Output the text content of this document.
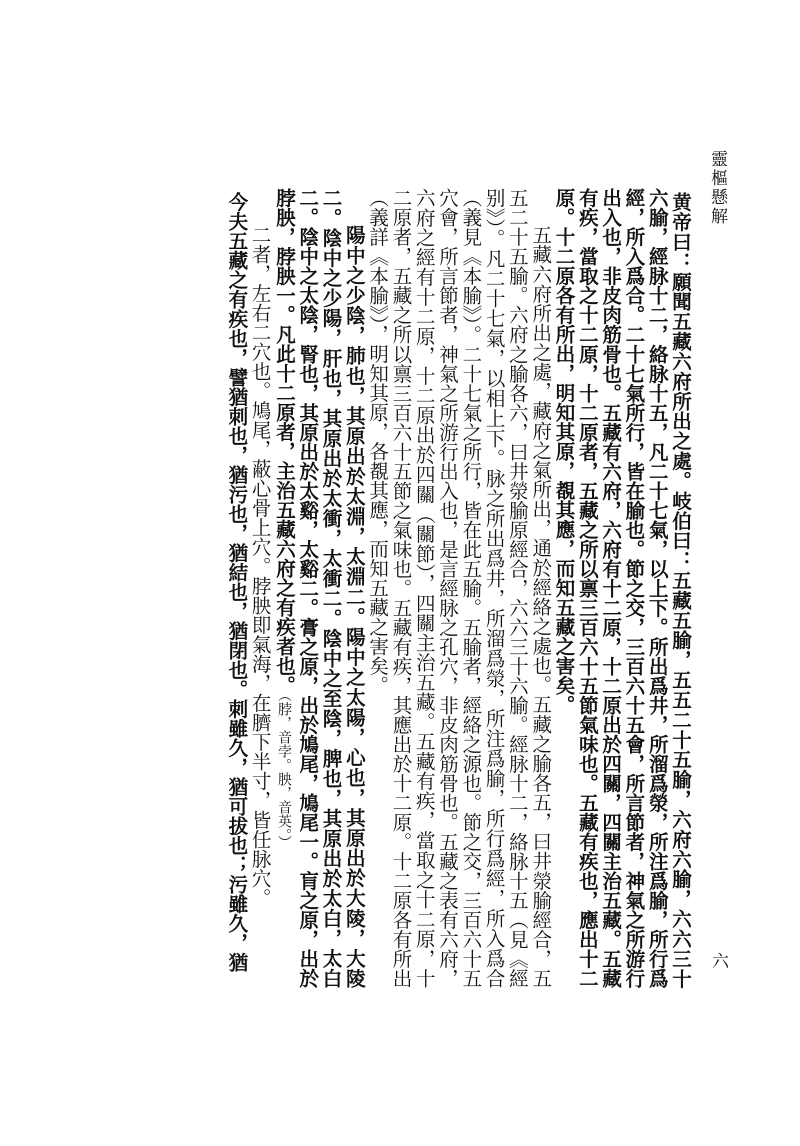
靈樞懸解
六

黄帝曰：願聞五藏六府所出之處。岐伯曰：五藏五腧，五五二十五腧，六府六腧，六六三十六腧，經脉十二，絡脉十五，凡二十七氣，以上下。所出爲井，所溜爲滎，所注爲腧，所行爲經，所入爲合。二十七氣所行，皆在腧也。節之交，三百六十五會，所言節者，神氣之所游行出入也，非皮肉筋骨也。五藏有六府，六府有十二原，十二原出於四關，四關主治五藏。五藏有疾，當取之十二原，十二原者，五藏之所以禀三百六十五節氣味也。五藏有疾也，應出十二原。十二原各有所出，明知其原，覩其應，而知五藏之害矣。

五藏六府所出之處，藏府之氣所出，通於經絡之處也。五藏之腧各五，曰井滎腧經合，五五二十五腧。六府之腧各六，曰井滎腧原經合，六六三十六腧。經脉十二，絡脉十五（見《經别》）。凡二十七氣，以相上下。脉之所出爲井，所溜爲滎，所注爲腧，所行爲經，所入爲合（義見《本腧》）。二十七氣之所行，皆在此五腧。五腧者，經絡之源也。節之交，三百六十五穴會，所言節者，神氣之所游行出入也，是言經脉之孔穴，非皮肉筋骨也。五藏之表有六府，六府之經有十二原，十二原出於四關（關節），四關主治五藏。五藏有疾，當取之十二原，十二原者，五藏之所以禀三百六十五節之氣味也。五藏有疾，其應出於十二原。十二原各有所出（義詳《本腧》），明知其原，各覩其應，而知五藏之害矣。

陽中之少陰，肺也，其原出於太淵，太淵二。陽中之太陽，心也，其原出於大陵，大陵二。陰中之少陽，肝也，其原出於太衝，太衝二。陰中之至陰，脾也，其原出於太白，太白二。陰中之太陰，腎也，其原出於太谿，太谿二。膏之原，出於鳩尾，鳩尾一。肓之原，出於脖胦，脖胦一。凡此十二原者，主治五藏六府之有疾者也。（脖，音孛。胦，音英。）

二者，左右二穴也。鳩尾，蔽心骨上穴。脖胦即氣海，在臍下半寸，皆任脉穴。

今夫五藏之有疾也，譬猶刺也，猶污也，猶結也，猶閉也。刺雖久，猶可拔也；污雖久，猶
